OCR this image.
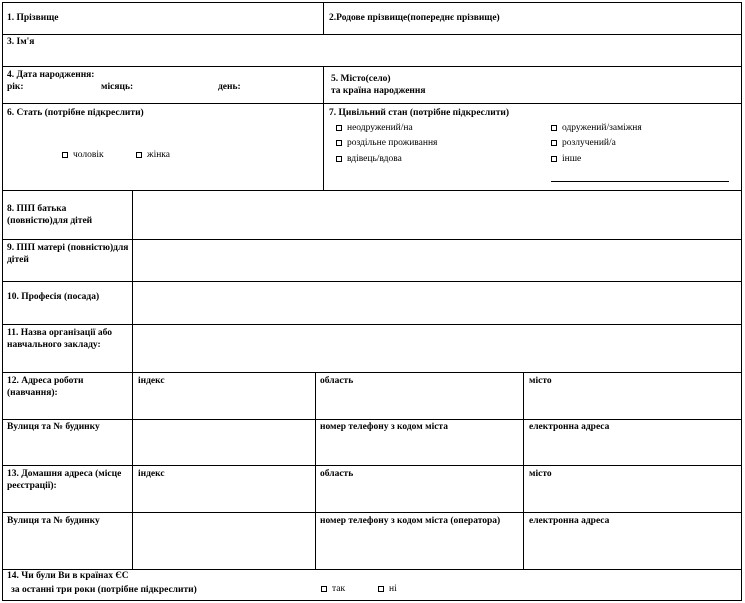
1. Прізвище	2.Родове прізвище(попереднє прізвище)
3. Ім'я
4. Дата народження:
рік:	місяць:	день:
5. Місто(село)
та країна народження
6. Стать (потрібне підкреслити)
чоловік	жінка
7. Цивільний стан (потрібне підкреслити)
неодружений/на
роздільне проживання
вдівець/вдова
одружений/заміжня
розлучений/а
інше
8. ПІП батька (повністю)для дітей
9. ПІП матері (повністю)для дітей
10. Професія (посада)
11. Назва організації або навчального закладу:
12. Адреса роботи (навчання):
індекс	область	місто
Вулиця та № будинку	номер телефону з кодом міста	електронна адреса
13. Домашня адреса (місце реєстрації):
індекс	область	місто
Вулиця та № будинку	номер телефону з кодом міста (оператора)	електронна адреса
14. Чи були Ви в країнах ЄС
за останні три роки (потрібне підкреслити)	так	ні
